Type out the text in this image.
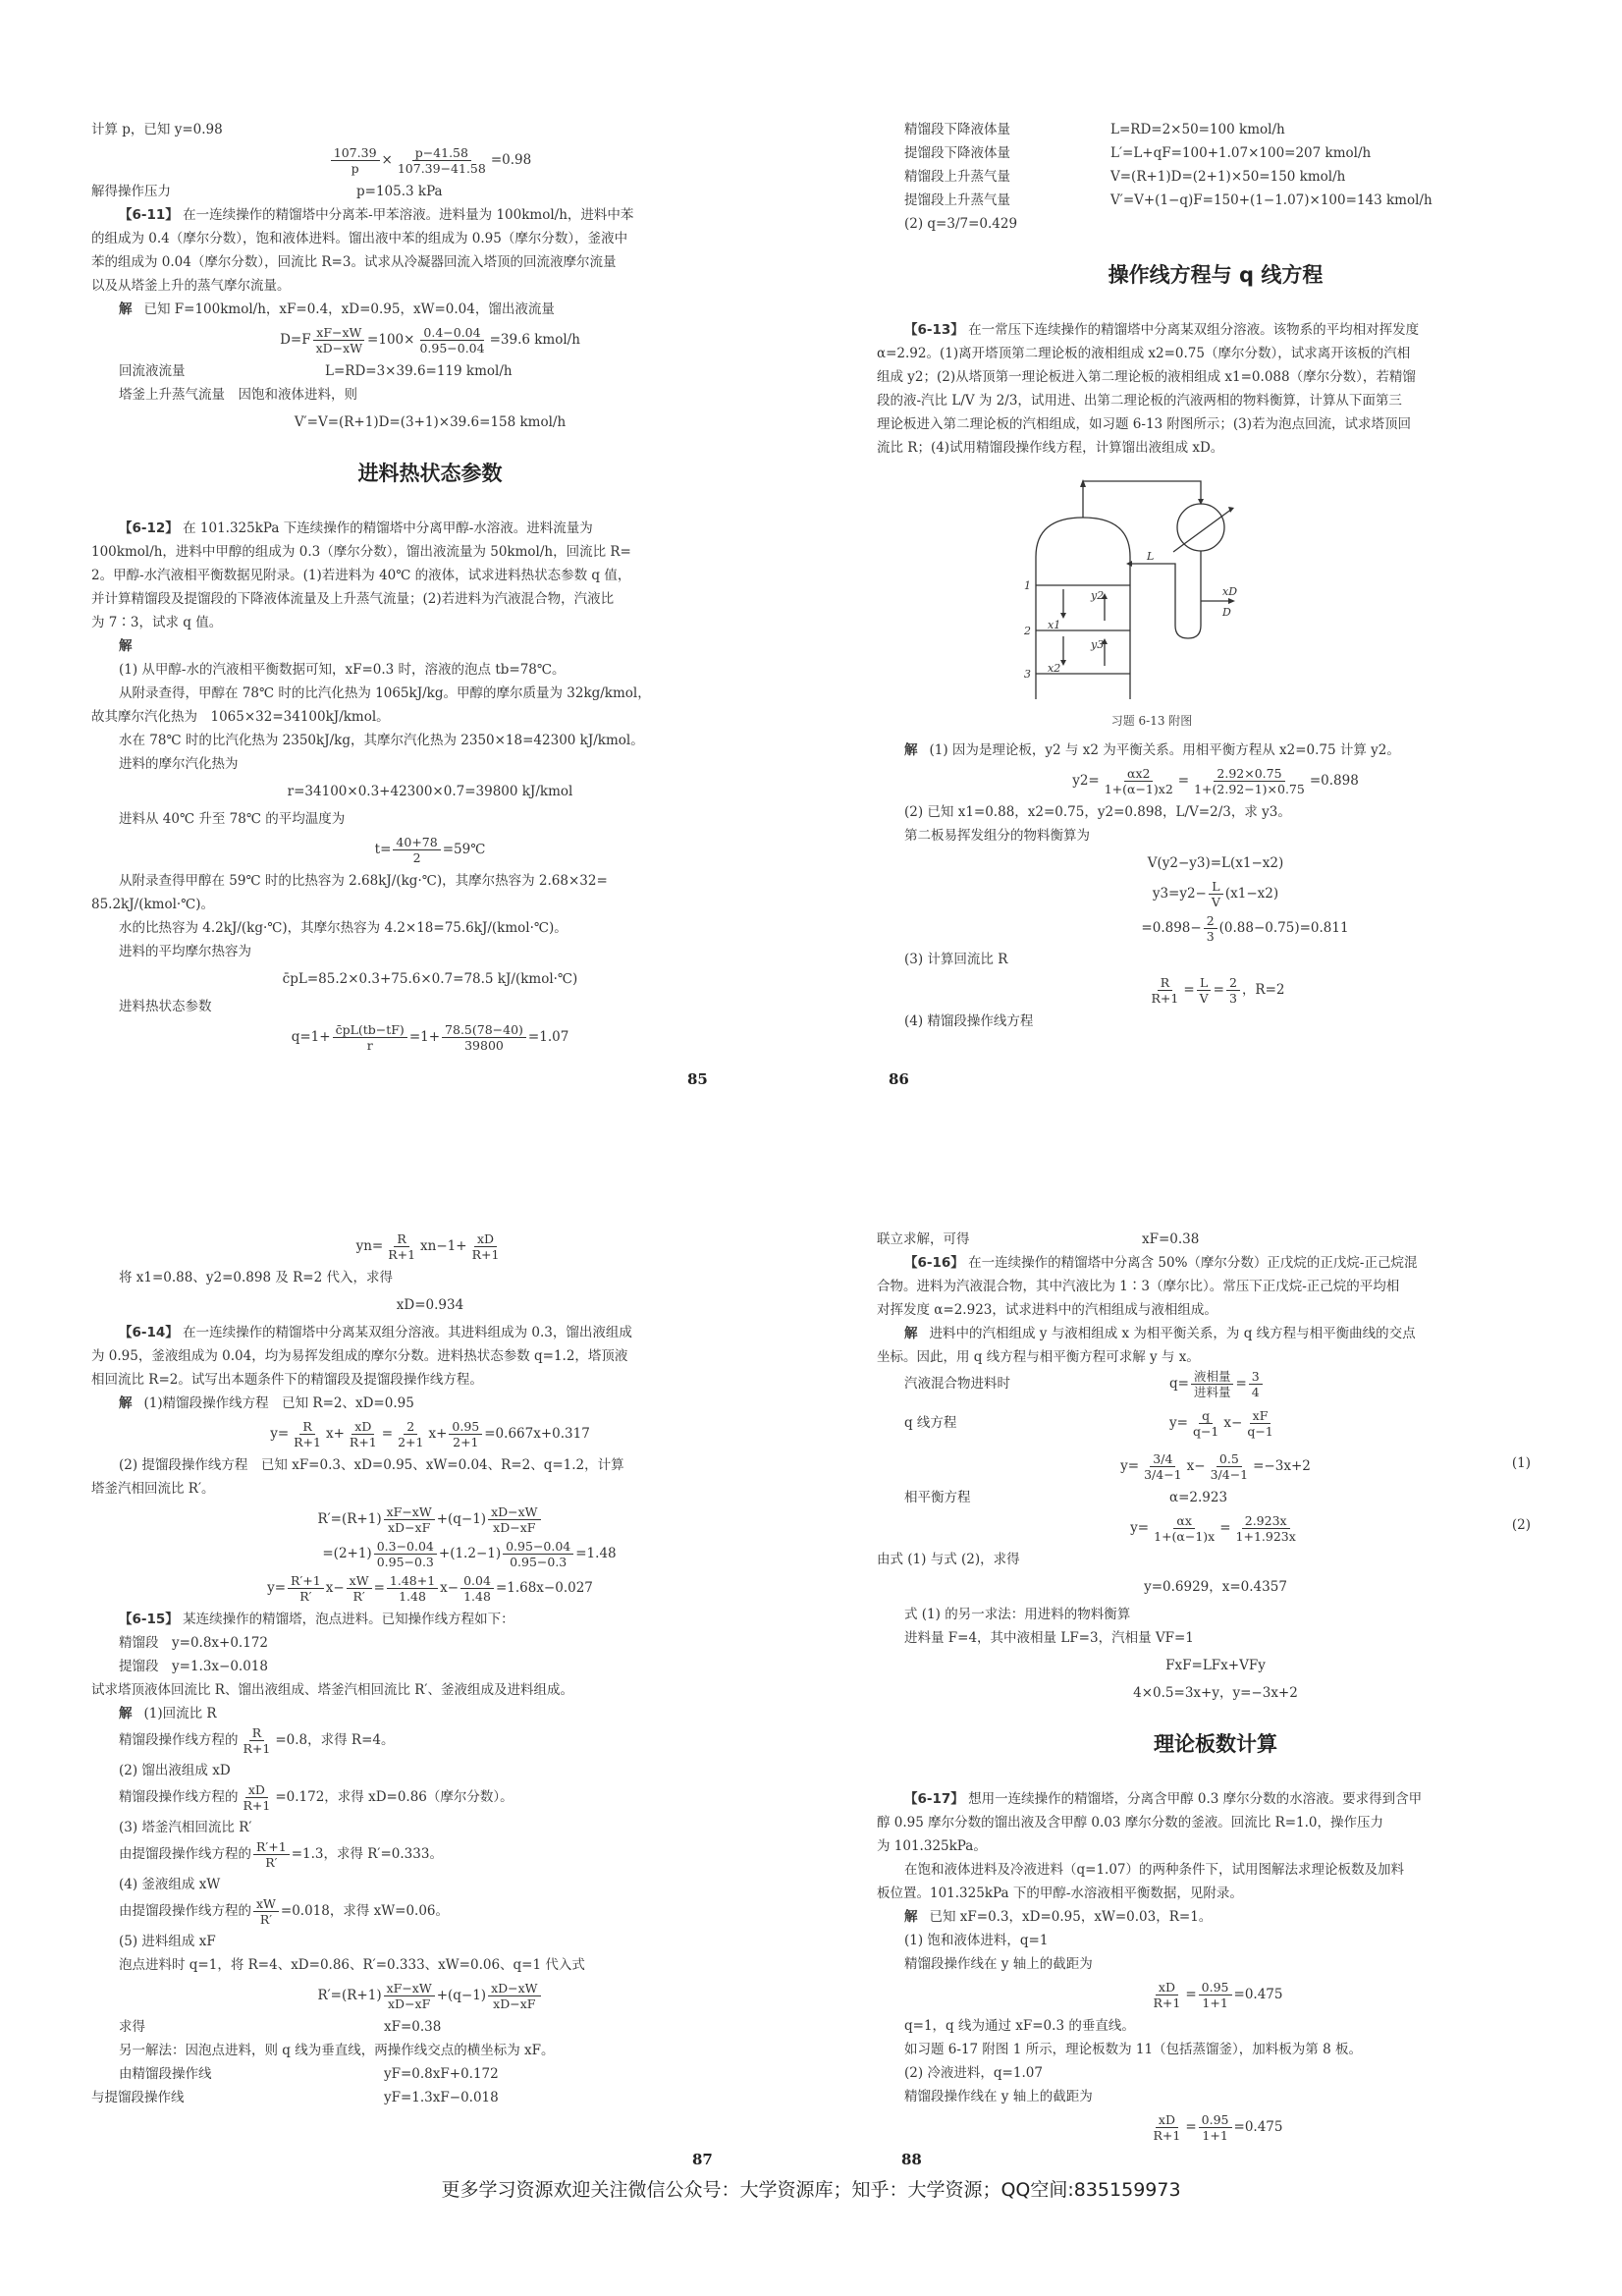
计算 p，已知 y=0.98
$\frac{107.39}{p} \times \frac{p-41.58}{107.39-41.58} =0.98$
解得操作压力	p=105.3 kPa
【6-11】 在一连续操作的精馏塔中分离苯-甲苯溶液。进料量为 100kmol/h，进料中苯
的组成为 0.4（摩尔分数），饱和液体进料。馏出液中苯的组成为 0.95（摩尔分数），釜液中
苯的组成为 0.04（摩尔分数），回流比 R=3。试求从冷凝器回流入塔顶的回流液摩尔流量
以及从塔釜上升的蒸气摩尔流量。
解 已知 F=100kmol/h，xF=0.4，xD=0.95，xW=0.04，馏出液流量
$D=F \frac{xF-xW}{xD-xW} =100\times \frac{0.4-0.04}{0.95-0.04} =39.6$ kmol/h
回流液流量	L=RD=3×39.6=119 kmol/h
塔釜上升蒸气流量　 因饱和液体进料，则
V′=V=(R+1)D=(3+1)×39.6=158 kmol/h
进料热状态参数
【6-12】 在 101.325kPa 下连续操作的精馏塔中分离甲醇-水溶液。进料流量为
100kmol/h，进料中甲醇的组成为 0.3（摩尔分数），馏出液流量为 50kmol/h，回流比 R=
2。甲醇-水汽液相平衡数据见附录。(1)若进料为 40℃ 的液体，试求进料热状态参数 q 值，
并计算精馏段及提馏段的下降液体流量及上升蒸气流量；(2)若进料为汽液混合物，汽液比
为 7∶3，试求 q 值。
解
(1) 从甲醇-水的汽液相平衡数据可知，xF=0.3 时，溶液的泡点 tb=78℃。
从附录查得，甲醇在 78℃ 时的比汽化热为 1065kJ/kg。甲醇的摩尔质量为 32kg/kmol，
故其摩尔汽化热为　1065×32=34100kJ/kmol。
水在 78℃ 时的比汽化热为 2350kJ/kg，其摩尔汽化热为 2350×18=42300 kJ/kmol。
进料的摩尔汽化热为
r=34100×0.3+42300×0.7=39800 kJ/kmol
进料从 40℃ 升至 78℃ 的平均温度为
$t= \frac{40+78}{2}$ =59℃
从附录查得甲醇在 59℃ 时的比热容为 2.68kJ/(kg·℃)，其摩尔热容为 2.68×32=
85.2kJ/(kmol·℃)。
水的比热容为 4.2kJ/(kg·℃)，其摩尔热容为 4.2×18=75.6kJ/(kmol·℃)。
进料的平均摩尔热容为
c̄pL=85.2×0.3+75.6×0.7=78.5 kJ/(kmol·℃)
进料热状态参数
$q=1+ \frac{c̄pL(tb-tF)}{r} =1+ \frac{78.5(78-40)}{39800} =1.07$
85
精馏段下降液体量	L=RD=2×50=100 kmol/h
提馏段下降液体量	L′=L+qF=100+1.07×100=207 kmol/h
精馏段上升蒸气量	V=(R+1)D=(2+1)×50=150 kmol/h
提馏段上升蒸气量	V′=V+(1−q)F=150+(1−1.07)×100=143 kmol/h
(2) q=3/7=0.429
操作线方程与 q 线方程
【6-13】 在一常压下连续操作的精馏塔中分离某双组分溶液。该物系的平均相对挥发度
α=2.92。(1)离开塔顶第二理论板的液相组成 x2=0.75（摩尔分数），试求离开该板的汽相
组成 y2；(2)从塔顶第一理论板进入第二理论板的液相组成 x1=0.088（摩尔分数），若精馏
段的液-汽比 L/V 为 2/3，试用进、出第二理论板的汽液两相的物料衡算，计算从下面第三
理论板进入第二理论板的汽相组成，如习题 6-13 附图所示；(3)若为泡点回流，试求塔顶回
流比 R；(4)试用精馏段操作线方程，计算馏出液组成 xD。
1
2
3
x1
x2
y2
y3
L
xD
D
习题 6-13 附图
解 (1) 因为是理论板，y2 与 x2 为平衡关系。用相平衡方程从 x2=0.75 计算 y2。
$y2= \frac{\alpha x2}{1+(\alpha-1)x2} = \frac{2.92\times 0.75}{1+(2.92-1)\times 0.75} =0.898$
(2) 已知 x1=0.88，x2=0.75，y2=0.898，L/V=2/3，求 y3。
第二板易挥发组分的物料衡算为
V(y2−y3)=L(x1−x2)
$y3=y2- \frac{L}{V} (x1-x2)$
$=0.898- \frac{2}{3} (0.88-0.75)=0.811$
(3) 计算回流比 R
$\frac{R}{R+1} = \frac{L}{V} = \frac{2}{3}$ ，R=2
(4) 精馏段操作线方程
86
$yn= \frac{R}{R+1} xn-1+ \frac{xD}{R+1}$
将 x1=0.88、y2=0.898 及 R=2 代入，求得
xD=0.934
【6-14】 在一连续操作的精馏塔中分离某双组分溶液。其进料组成为 0.3，馏出液组成
为 0.95，釜液组成为 0.04，均为易挥发组成的摩尔分数。进料热状态参数 q=1.2，塔顶液
相回流比 R=2。试写出本题条件下的精馏段及提馏段操作线方程。
解 (1)精馏段操作线方程　已知 R=2、xD=0.95
$y= \frac{R}{R+1} x+ \frac{xD}{R+1} = \frac{2}{2+1} x+ \frac{0.95}{2+1} =0.667x+0.317$
(2) 提馏段操作线方程　已知 xF=0.3、xD=0.95、xW=0.04、R=2、q=1.2，计算
塔釜汽相回流比 R′。
$R'=(R+1) \frac{xF-xW}{xD-xF} +(q-1) \frac{xD-xW}{xD-xF}$
$=(2+1) \frac{0.3-0.04}{0.95-0.3} +(1.2-1) \frac{0.95-0.04}{0.95-0.3} =1.48$
$y= \frac{R'+1}{R'} x- \frac{xW}{R'} = \frac{1.48+1}{1.48} x- \frac{0.04}{1.48} =1.68x-0.027$
【6-15】 某连续操作的精馏塔，泡点进料。已知操作线方程如下：
精馏段　 y=0.8x+0.172
提馏段　 y=1.3x−0.018
试求塔顶液体回流比 R、馏出液组成、塔釜汽相回流比 R′、釜液组成及进料组成。
解 (1)回流比 R
精馏段操作线方程的 $\frac{R}{R+1} =0.8$，求得 R=4。
(2) 馏出液组成 xD
精馏段操作线方程的 $\frac{xD}{R+1} =0.172$，求得 xD=0.86（摩尔分数）。
(3) 塔釜汽相回流比 R′
由提馏段操作线方程的 $\frac{R'+1}{R'} =1.3$，求得 R′=0.333。
(4) 釜液组成 xW
由提馏段操作线方程的 $\frac{xW}{R'} =0.018$，求得 xW=0.06。
(5) 进料组成 xF
泡点进料时 q=1，将 R=4、xD=0.86、R′=0.333、xW=0.06、q=1 代入式
$R'=(R+1) \frac{xF-xW}{xD-xF} +(q-1) \frac{xD-xW}{xD-xF}$
求得	xF=0.38
另一解法：因泡点进料，则 q 线为垂直线，两操作线交点的横坐标为 xF。
由精馏段操作线	yF=0.8xF+0.172
与提馏段操作线	yF=1.3xF−0.018
87
联立求解，可得	xF=0.38
【6-16】 在一连续操作的精馏塔中分离含 50%（摩尔分数）正戊烷的正戊烷-正己烷混
合物。进料为汽液混合物，其中汽液比为 1∶3（摩尔比）。常压下正戊烷-正己烷的平均相
对挥发度 α=2.923，试求进料中的汽相组成与液相组成。
解 进料中的汽相组成 y 与液相组成 x 为相平衡关系，为 q 线方程与相平衡曲线的交点
坐标。因此，用 q 线方程与相平衡方程可求解 y 与 x。
汽液混合物进料时	$q= \frac{\text{液相量}}{\text{进料量}} = \frac{3}{4}$
q 线方程	$y= \frac{q}{q-1} x- \frac{xF}{q-1}$
$y= \frac{3/4}{3/4-1} x- \frac{0.5}{3/4-1} =-3x+2$	(1)
相平衡方程	α=2.923
$y= \frac{\alpha x}{1+(\alpha-1)x} = \frac{2.923x}{1+1.923x}$	(2)
由式 (1) 与式 (2)，求得
y=0.6929，x=0.4357
式 (1) 的另一求法：用进料的物料衡算
进料量 F=4，其中液相量 LF=3，汽相量 VF=1
FxF=LFx+VFy
4×0.5=3x+y，y=−3x+2
理论板数计算
【6-17】 想用一连续操作的精馏塔，分离含甲醇 0.3 摩尔分数的水溶液。要求得到含甲
醇 0.95 摩尔分数的馏出液及含甲醇 0.03 摩尔分数的釜液。回流比 R=1.0，操作压力
为 101.325kPa。
在饱和液体进料及冷液进料（q=1.07）的两种条件下，试用图解法求理论板数及加料
板位置。101.325kPa 下的甲醇-水溶液相平衡数据，见附录。
解 已知 xF=0.3，xD=0.95，xW=0.03，R=1。
(1) 饱和液体进料，q=1
精馏段操作线在 y 轴上的截距为
$\frac{xD}{R+1} = \frac{0.95}{1+1} =0.475$
q=1，q 线为通过 xF=0.3 的垂直线。
如习题 6-17 附图 1 所示，理论板数为 11（包括蒸馏釜），加料板为第 8 板。
(2) 冷液进料，q=1.07
精馏段操作线在 y 轴上的截距为
$\frac{xD}{R+1} = \frac{0.95}{1+1} =0.475$
88
更多学习资源欢迎关注微信公众号：大学资源库；知乎：大学资源；QQ空间:835159973
